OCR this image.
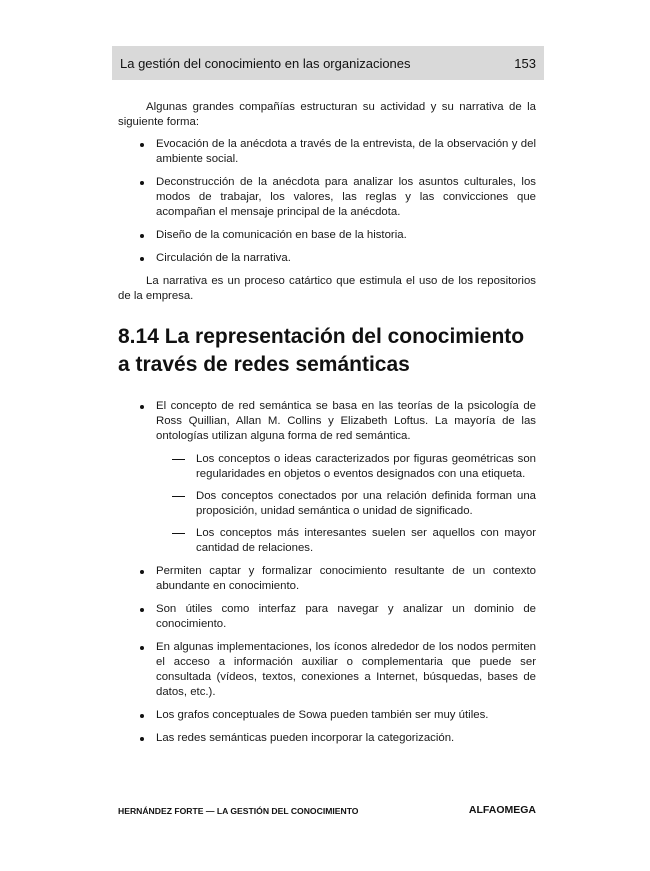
La gestión del conocimiento en las organizaciones	153

Algunas grandes compañías estructuran su actividad y su narrativa de la siguiente forma:

Evocación de la anécdota a través de la entrevista, de la observación y del ambiente social.
Deconstrucción de la anécdota para analizar los asuntos culturales, los modos de trabajar, los valores, las reglas y las convicciones que acompañan el mensaje principal de la anécdota.
Diseño de la comunicación en base de la historia.
Circulación de la narrativa.

La narrativa es un proceso catártico que estimula el uso de los repositorios de la empresa.

8.14 La representación del conocimiento a través de redes semánticas
El concepto de red semántica se basa en las teorías de la psicología de Ross Quillian, Allan M. Collins y Elizabeth Loftus. La mayoría de las ontologías utilizan alguna forma de red semántica.
Los conceptos o ideas caracterizados por figuras geométricas son regularidades en objetos o eventos designados con una etiqueta.
Dos conceptos conectados por una relación definida forman una proposición, unidad semántica o unidad de significado.
Los conceptos más interesantes suelen ser aquellos con mayor cantidad de relaciones.
Permiten captar y formalizar conocimiento resultante de un contexto abundante en conocimiento.
Son útiles como interfaz para navegar y analizar un dominio de conocimiento.
En algunas implementaciones, los íconos alrededor de los nodos permiten el acceso a información auxiliar o complementaria que puede ser consultada (vídeos, textos, conexiones a Internet, búsquedas, bases de datos, etc.).
Los grafos conceptuales de Sowa pueden también ser muy útiles.
Las redes semánticas pueden incorporar la categorización.
HERNÁNDEZ FORTE — LA GESTIÓN DEL CONOCIMIENTO	ALFAOMEGA
